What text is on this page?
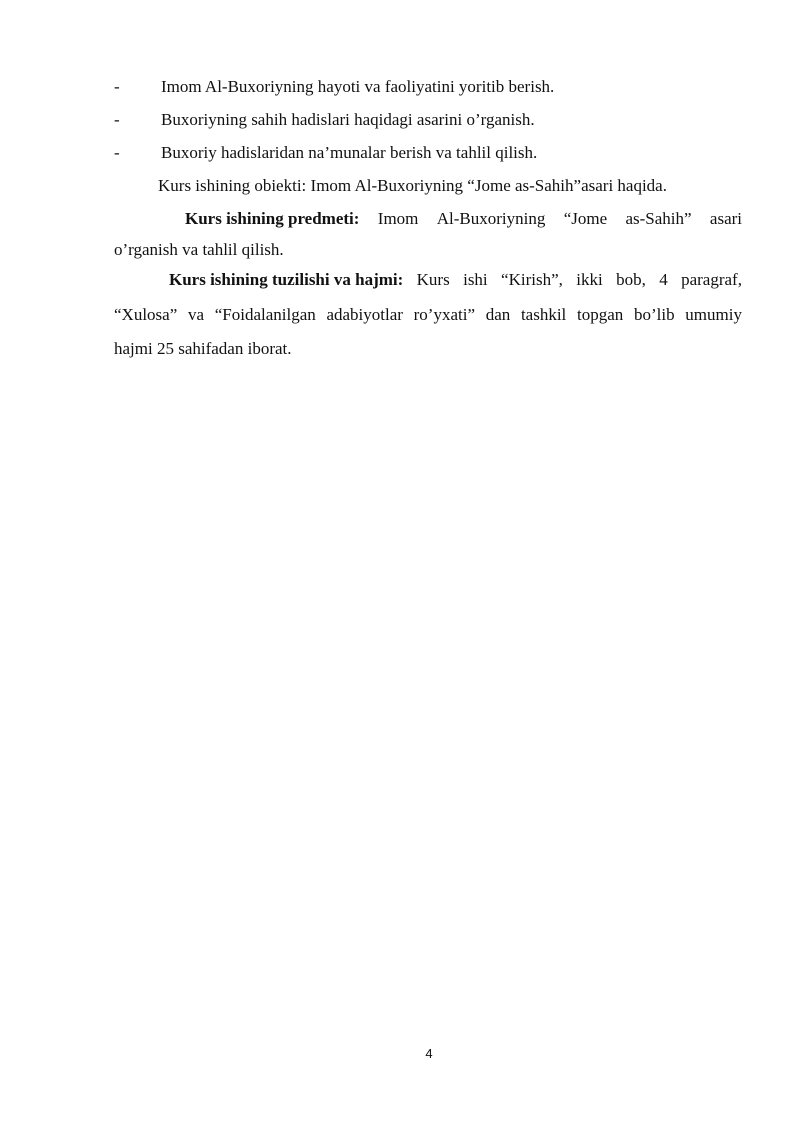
- Imom Al-Buxoriyning hayoti va faoliyatini yoritib berish.
- Buxoriyning sahih hadislari haqidagi asarini o’rganish.
- Buxoriy hadislaridan na’munalar berish va tahlil qilish.
Kurs ishining obiekti: Imom Al-Buxoriyning “Jome as-Sahih”asari haqida.
Kurs ishining predmeti: Imom Al-Buxoriyning “Jome as-Sahih” asari
o’rganish va tahlil qilish.
Kurs ishining tuzilishi va hajmi: Kurs ishi “Kirish”, ikki bob, 4 paragraf,
“Xulosa” va “Foidalanilgan adabiyotlar ro’yxati” dan tashkil topgan bo’lib umumiy
hajmi 25 sahifadan iborat.
4
